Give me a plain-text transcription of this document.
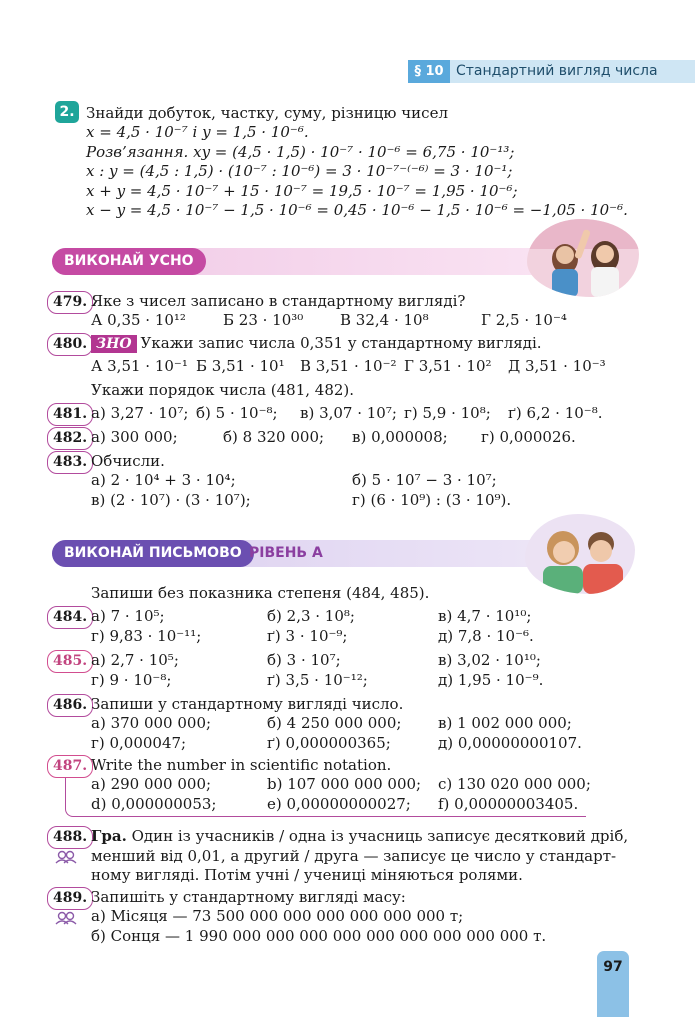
§ 10 Стандартний вигляд числа
2. Знайди добуток, частку, суму, різницю чисел
x = 4,5 · 10⁻⁷ і y = 1,5 · 10⁻⁶.
Розв’язання. xy = (4,5 · 1,5) · 10⁻⁷ · 10⁻⁶ = 6,75 · 10⁻¹³;
x : y = (4,5 : 1,5) · (10⁻⁷ : 10⁻⁶) = 3 · 10⁻⁷⁻⁽⁻⁶⁾ = 3 · 10⁻¹;
x + y = 4,5 · 10⁻⁷ + 15 · 10⁻⁷ = 19,5 · 10⁻⁷ = 1,95 · 10⁻⁶;
x − y = 4,5 · 10⁻⁷ − 1,5 · 10⁻⁶ = 0,45 · 10⁻⁶ − 1,5 · 10⁻⁶ = −1,05 · 10⁻⁶.
ВИКОНАЙ УСНО
479. Яке з чисел записано в стандартному вигляді?
А 0,35 · 10¹² Б 23 · 10³⁰ В 32,4 · 10⁸	Г 2,5 · 10⁻⁴
480. ЗНО Укажи запис числа 0,351 у стандартному вигляді.
А 3,51 · 10⁻¹ Б 3,51 · 10¹ В 3,51 · 10⁻² Г 3,51 · 10² Д 3,51 · 10⁻³
Укажи порядок числа (481, 482).
481. а) 3,27 · 10⁷; б) 5 · 10⁻⁸; в) 3,07 · 10⁷; г) 5,9 · 10⁸; ґ) 6,2 · 10⁻⁸.
482. а) 300 000;	б) 8 320 000; в) 0,000008; г) 0,000026.
483. Обчисли.
а) 2 · 10⁴ + 3 · 10⁴;	б) 5 · 10⁷ − 3 · 10⁷;
в) (2 · 10⁷) · (3 · 10⁷);	г) (6 · 10⁹) : (3 · 10⁹).
ВИКОНАЙ ПИСЬМОВО РІВЕНЬ А
Запиши без показника степеня (484, 485).
484. а) 7 · 10⁵;	б) 2,3 · 10⁸;	в) 4,7 · 10¹⁰;
г) 9,83 · 10⁻¹¹;	ґ) 3 · 10⁻⁹;	д) 7,8 · 10⁻⁶.
485. а) 2,7 · 10⁵;	б) 3 · 10⁷;	в) 3,02 · 10¹⁰;
г) 9 · 10⁻⁸;	ґ) 3,5 · 10⁻¹²;	д) 1,95 · 10⁻⁹.
486. Запиши у стандартному вигляді число.
а) 370 000 000;	б) 4 250 000 000; в) 1 002 000 000;
г) 0,000047;	ґ) 0,000000365;	д) 0,00000000107.
487. Write the number in scientific notation.
a) 290 000 000;	b) 107 000 000 000; c) 130 020 000 000;
d) 0,000000053;	e) 0,00000000027; f) 0,00000003405.
488. Гра. Один із учасників / одна із учасниць записує десятковий дріб,
менший від 0,01, а другий / друга — записує це число у стандарт-
ному вигляді. Потім учні / учениці міняються ролями.
489. Запишіть у стандартному вигляді масу:
а) Місяця — 73 500 000 000 000 000 000 000 т;
б) Сонця — 1 990 000 000 000 000 000 000 000 000 000 т.
97
